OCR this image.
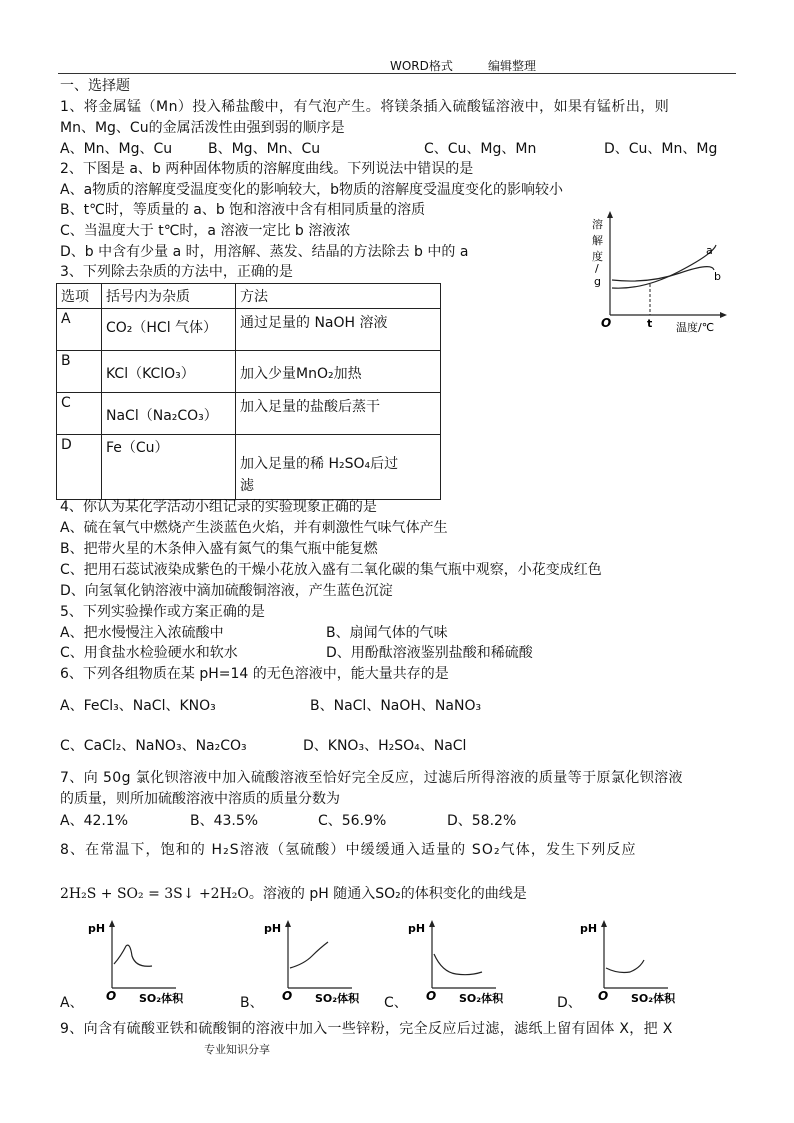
WORD格式	编辑整理
一、选择题
1、将金属锰（Mn）投入稀盐酸中，有气泡产生。将镁条插入硫酸锰溶液中，如果有锰析出，则
Mn、Mg、Cu的金属活泼性由强到弱的顺序是
A、Mn、Mg、Cu	B、Mg、Mn、Cu	C、Cu、Mg、Mn	D、Cu、Mn、Mg
2、下图是 a、b 两种固体物质的溶解度曲线。下列说法中错误的是
A、a物质的溶解度受温度变化的影响较大，b物质的溶解度受温度变化的影响较小
B、t℃时，等质量的 a、b 饱和溶液中含有相同质量的溶质
C、当温度大于 t℃时，a 溶液一定比 b 溶液浓
D、b 中含有少量 a 时，用溶解、蒸发、结晶的方法除去 b 中的 a
溶
解
度
/
g
O	t 温度/℃
a
b
3、下列除去杂质的方法中，正确的是
选项	括号内为杂质	方法
A	CO₂（HCl 气体）	通过足量的 NaOH 溶液
B	KCl（KClO₃）	加入少量MnO₂加热
C	NaCl（Na₂CO₃）	加入足量的盐酸后蒸干
D	Fe（Cu）	加入足量的稀 H₂SO₄后过
滤
4、你认为某化学活动小组记录的实验现象正确的是
A、硫在氧气中燃烧产生淡蓝色火焰，并有刺激性气味气体产生
B、把带火星的木条伸入盛有氮气的集气瓶中能复燃
C、把用石蕊试液染成紫色的干燥小花放入盛有二氧化碳的集气瓶中观察，小花变成红色
D、向氢氧化钠溶液中滴加硫酸铜溶液，产生蓝色沉淀
5、下列实验操作或方案正确的是
A、把水慢慢注入浓硫酸中	B、扇闻气体的气味
C、用食盐水检验硬水和软水	D、用酚酞溶液鉴别盐酸和稀硫酸
6、下列各组物质在某 pH=14 的无色溶液中，能大量共存的是
A、FeCl₃、NaCl、KNO₃	B、NaCl、NaOH、NaNO₃
C、CaCl₂、NaNO₃、Na₂CO₃	D、KNO₃、H₂SO₄、NaCl
7、向 50g 氯化钡溶液中加入硫酸溶液至恰好完全反应，过滤后所得溶液的质量等于原氯化钡溶液
的质量，则所加硫酸溶液中溶质的质量分数为
A、42.1%	B、43.5%	C、56.9%	D、58.2%
8、在常温下，饱和的 H₂S溶液（氢硫酸）中缓缓通入适量的 SO₂气体，发生下列反应
2H₂S + SO₂ = 3S↓ +2H₂O。溶液的 pH 随通入SO₂的体积变化的曲线是
A、	B、	C、	D、
pH
O SO₂体积
pH
O SO₂体积
pH
O SO₂体积
pH
O SO₂体积
9、向含有硫酸亚铁和硫酸铜的溶液中加入一些锌粉，完全反应后过滤，滤纸上留有固体 X，把 X
专业知识分享
